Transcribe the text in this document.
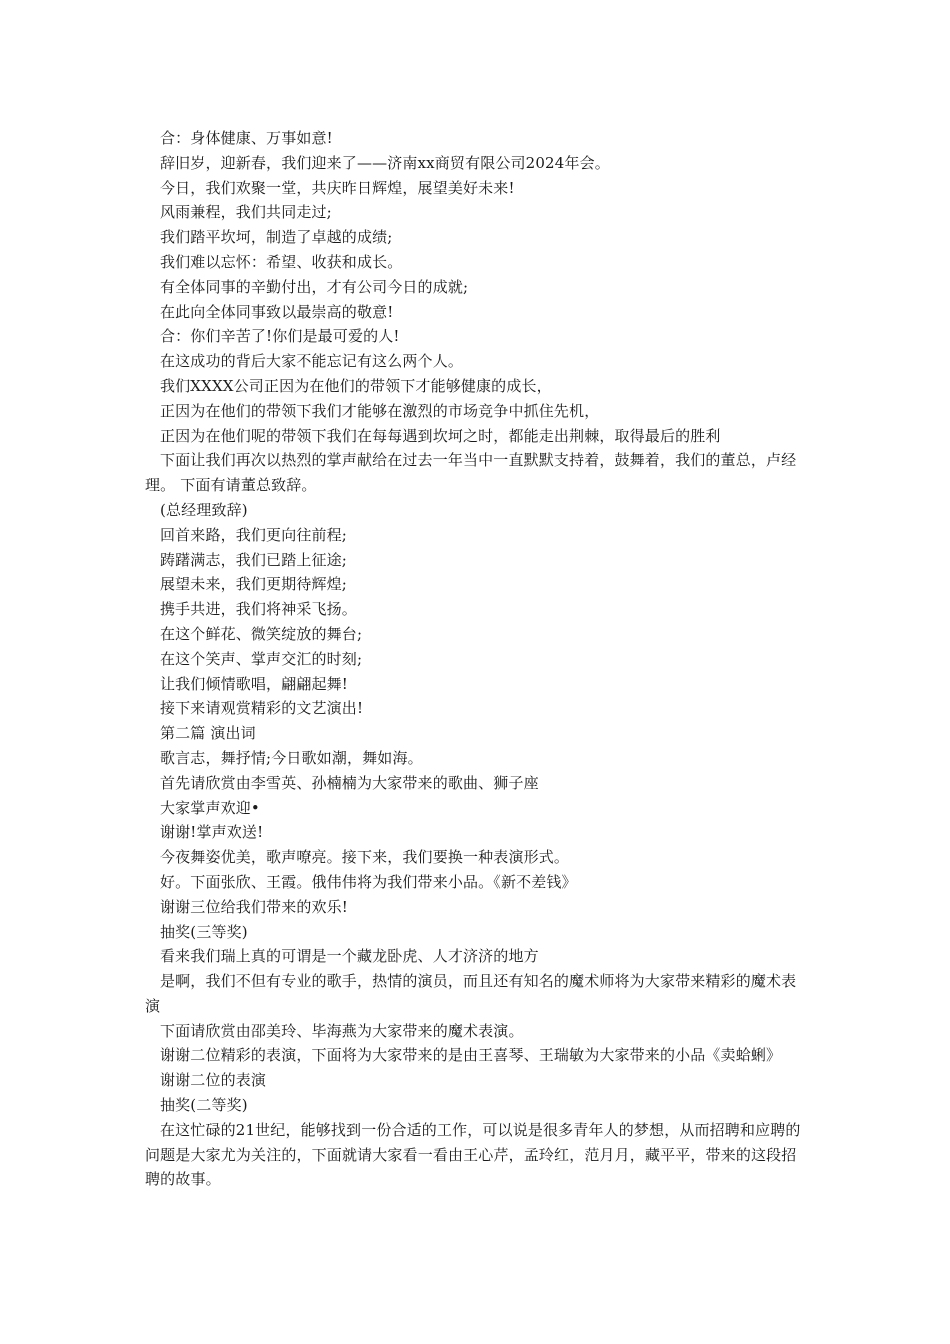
合：身体健康、万事如意!

辞旧岁，迎新春，我们迎来了——济南xx商贸有限公司2024年会。

今日，我们欢聚一堂，共庆昨日辉煌，展望美好未来!

风雨兼程，我们共同走过;

我们踏平坎坷，制造了卓越的成绩;

我们难以忘怀：希望、收获和成长。

有全体同事的辛勤付出，才有公司今日的成就;

在此向全体同事致以最崇高的敬意!

合：你们辛苦了!你们是最可爱的人!

在这成功的背后大家不能忘记有这么两个人。

我们XXXX公司正因为在他们的带领下才能够健康的成长，

正因为在他们的带领下我们才能够在激烈的市场竞争中抓住先机，

正因为在他们呢的带领下我们在每每遇到坎坷之时，都能走出荆棘，取得最后的胜利

下面让我们再次以热烈的掌声献给在过去一年当中一直默默支持着，鼓舞着，我们的董总，卢经理。 下面有请董总致辞。

(总经理致辞)

回首来路，我们更向往前程;

踌躇满志，我们已踏上征途;

展望未来，我们更期待辉煌;

携手共进，我们将神采飞扬。

在这个鲜花、微笑绽放的舞台;

在这个笑声、掌声交汇的时刻;

让我们倾情歌唱，翩翩起舞!

接下来请观赏精彩的文艺演出!

第二篇 演出词

歌言志，舞抒情;今日歌如潮，舞如海。

首先请欣赏由李雪英、孙楠楠为大家带来的歌曲、狮子座

大家掌声欢迎•

谢谢!掌声欢送!

今夜舞姿优美，歌声嘹亮。接下来，我们要换一种表演形式。

好。下面张欣、王霞。俄伟伟将为我们带来小品。《新不差钱》

谢谢三位给我们带来的欢乐!

抽奖(三等奖)

看来我们瑞上真的可谓是一个藏龙卧虎、人才济济的地方

是啊，我们不但有专业的歌手，热情的演员，而且还有知名的魔术师将为大家带来精彩的魔术表演

下面请欣赏由邵美玲、毕海燕为大家带来的魔术表演。

谢谢二位精彩的表演，下面将为大家带来的是由王喜琴、王瑞敏为大家带来的小品《卖蛤蜊》

谢谢二位的表演

抽奖(二等奖)

在这忙碌的21世纪，能够找到一份合适的工作，可以说是很多青年人的梦想，从而招聘和应聘的问题是大家尤为关注的，下面就请大家看一看由王心芹，孟玲红，范月月，藏平平，带来的这段招聘的故事。
